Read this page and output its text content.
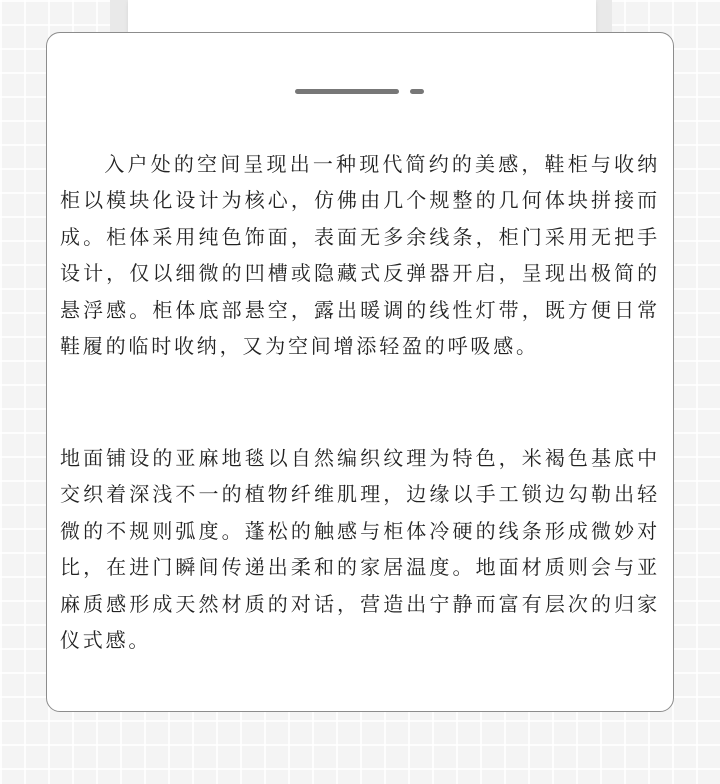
入户处的空间呈现出一种现代简约的美感，鞋柜与收纳柜以模块化设计为核心，仿佛由几个规整的几何体块拼接而成。柜体采用纯色饰面，表面无多余线条，柜门采用无把手设计，仅以细微的凹槽或隐藏式反弹器开启，呈现出极简的悬浮感。柜体底部悬空，露出暖调的线性灯带，既方便日常鞋履的临时收纳，又为空间增添轻盈的呼吸感。

地面铺设的亚麻地毯以自然编织纹理为特色，米褐色基底中交织着深浅不一的植物纤维肌理，边缘以手工锁边勾勒出轻微的不规则弧度。蓬松的触感与柜体冷硬的线条形成微妙对比，在进门瞬间传递出柔和的家居温度。地面材质则会与亚麻质感形成天然材质的对话，营造出宁静而富有层次的归家仪式感。
